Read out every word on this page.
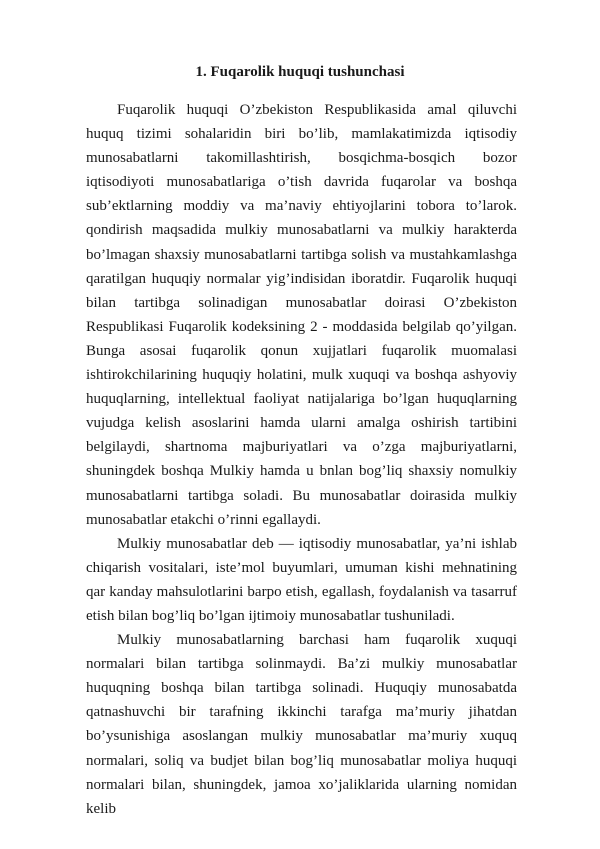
1. Fuqarolik huquqi tushunchasi

Fuqarolik huquqi O’zbekiston Respublikasida amal qiluvchi huquq tizimi sohalaridin biri bo’lib, mamlakatimizda iqtisodiy munosabatlarni takomillashtirish, bosqichma-bosqich bozor iqtisodiyoti munosabatlariga o’tish davrida fuqarolar va boshqa sub’ektlarning moddiy va ma’naviy ehtiyojlarini tobora to’larok. qondirish maqsadida mulkiy munosabatlarni va mulkiy harakterda bo’lmagan shaxsiy munosabatlarni tartibga solish va mustahkamlashga qaratilgan huquqiy normalar yig’indisidan iboratdir. Fuqarolik huquqi bilan tartibga solinadigan munosabatlar doirasi O’zbekiston Respublikasi Fuqarolik kodeksining 2 - moddasida belgilab qo’yilgan. Bunga asosai fuqarolik qonun xujjatlari fuqarolik muomalasi ishtirokchilarining huquqiy holatini, mulk xuquqi va boshqa ashyoviy huquqlarning, intellektual faoliyat natijalariga bo’lgan huquqlarning vujudga kelish asoslarini hamda ularni amalga oshirish tartibini belgilaydi, shartnoma majburiyatlari va o’zga majburiyatlarni, shuningdek boshqa Mulkiy hamda u bnlan bog’liq shaxsiy nomulkiy munosabatlarni tartibga soladi. Bu munosabatlar doirasida mulkiy munosabatlar etakchi o’rinni egallaydi.

Mulkiy munosabatlar deb — iqtisodiy munosabatlar, ya’ni ishlab chiqarish vositalari, iste’mol buyumlari, umuman kishi mehnatining qar kanday mahsulotlarini barpo etish, egallash, foydalanish va tasarruf etish bilan bog’liq bo’lgan ijtimoiy munosabatlar tushuniladi.

Mulkiy munosabatlarning barchasi ham fuqarolik xuquqi normalari bilan tartibga solinmaydi. Ba’zi mulkiy munosabatlar huquqning boshqa bilan tartibga solinadi. Huquqiy munosabatda qatnashuvchi bir tarafning ikkinchi tarafga ma’muriy jihatdan bo’ysunishiga asoslangan mulkiy munosabatlar ma’muriy xuquq normalari, soliq va budjet bilan bog’liq munosabatlar moliya huquqi normalari bilan, shuningdek, jamoa xo’jaliklarida ularning nomidan kelib
